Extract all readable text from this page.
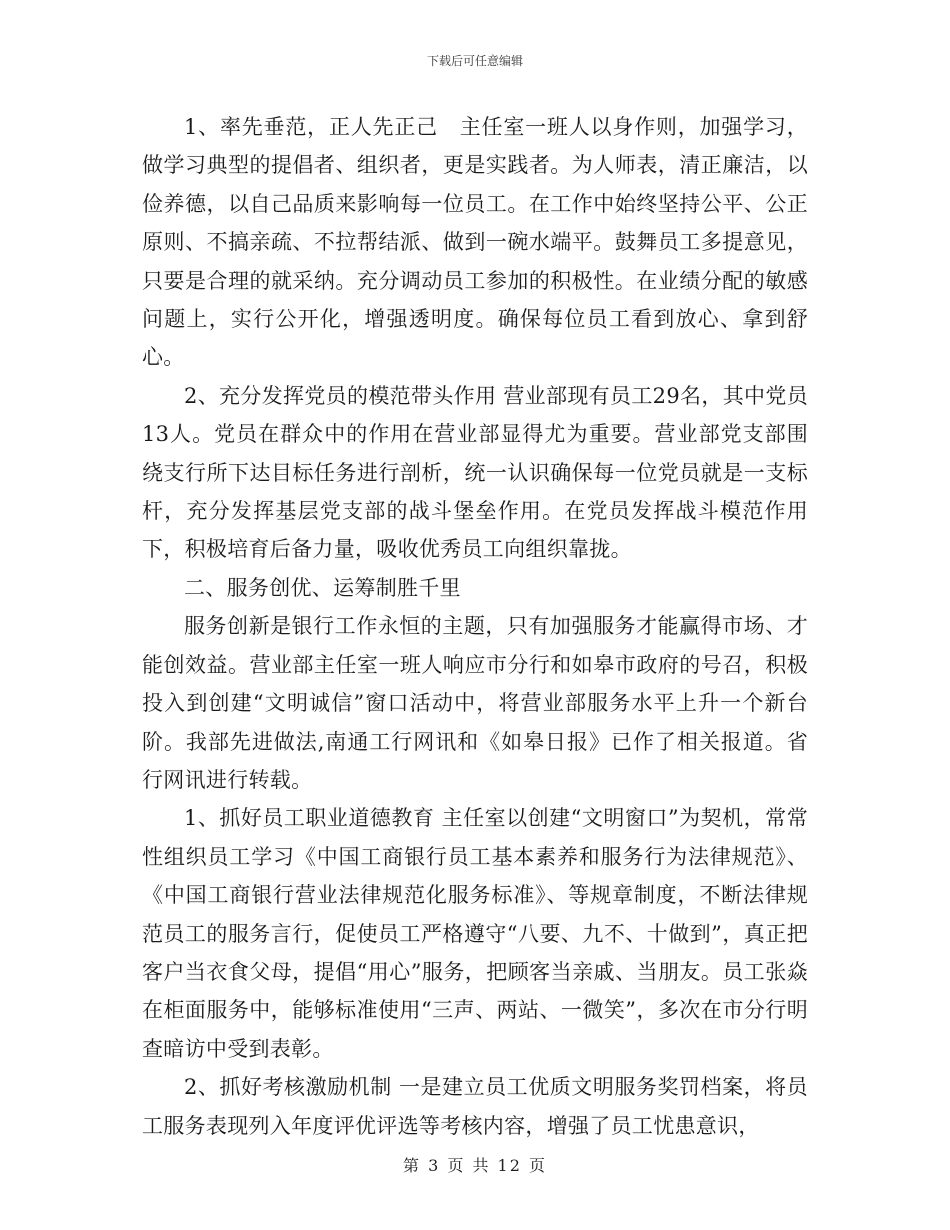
下载后可任意编辑

1、率先垂范，正人先正己　主任室一班人以身作则，加强学习，做学习典型的提倡者、组织者，更是实践者。为人师表，清正廉洁，以俭养德，以自己品质来影响每一位员工。在工作中始终坚持公平、公正原则、不搞亲疏、不拉帮结派、做到一碗水端平。鼓舞员工多提意见，只要是合理的就采纳。充分调动员工参加的积极性。在业绩分配的敏感问题上，实行公开化，增强透明度。确保每位员工看到放心、拿到舒心。

2、充分发挥党员的模范带头作用 营业部现有员工29名，其中党员13人。党员在群众中的作用在营业部显得尤为重要。营业部党支部围绕支行所下达目标任务进行剖析，统一认识确保每一位党员就是一支标杆，充分发挥基层党支部的战斗堡垒作用。在党员发挥战斗模范作用下，积极培育后备力量，吸收优秀员工向组织靠拢。

二、服务创优、运筹制胜千里

服务创新是银行工作永恒的主题，只有加强服务才能赢得市场、才能创效益。营业部主任室一班人响应市分行和如皋市政府的号召，积极投入到创建“文明诚信”窗口活动中，将营业部服务水平上升一个新台阶。我部先进做法,南通工行网讯和《如皋日报》已作了相关报道。省行网讯进行转载。

1、抓好员工职业道德教育 主任室以创建“文明窗口”为契机，常常性组织员工学习《中国工商银行员工基本素养和服务行为法律规范》、《中国工商银行营业法律规范化服务标准》、等规章制度，不断法律规范员工的服务言行，促使员工严格遵守“八要、九不、十做到”，真正把客户当衣食父母，提倡“用心”服务，把顾客当亲戚、当朋友。员工张焱在柜面服务中，能够标准使用“三声、两站、一微笑”，多次在市分行明查暗访中受到表彰。

2、抓好考核激励机制 一是建立员工优质文明服务奖罚档案，将员工服务表现列入年度评优评选等考核内容，增强了员工忧患意识，

第 3 页 共 12 页
